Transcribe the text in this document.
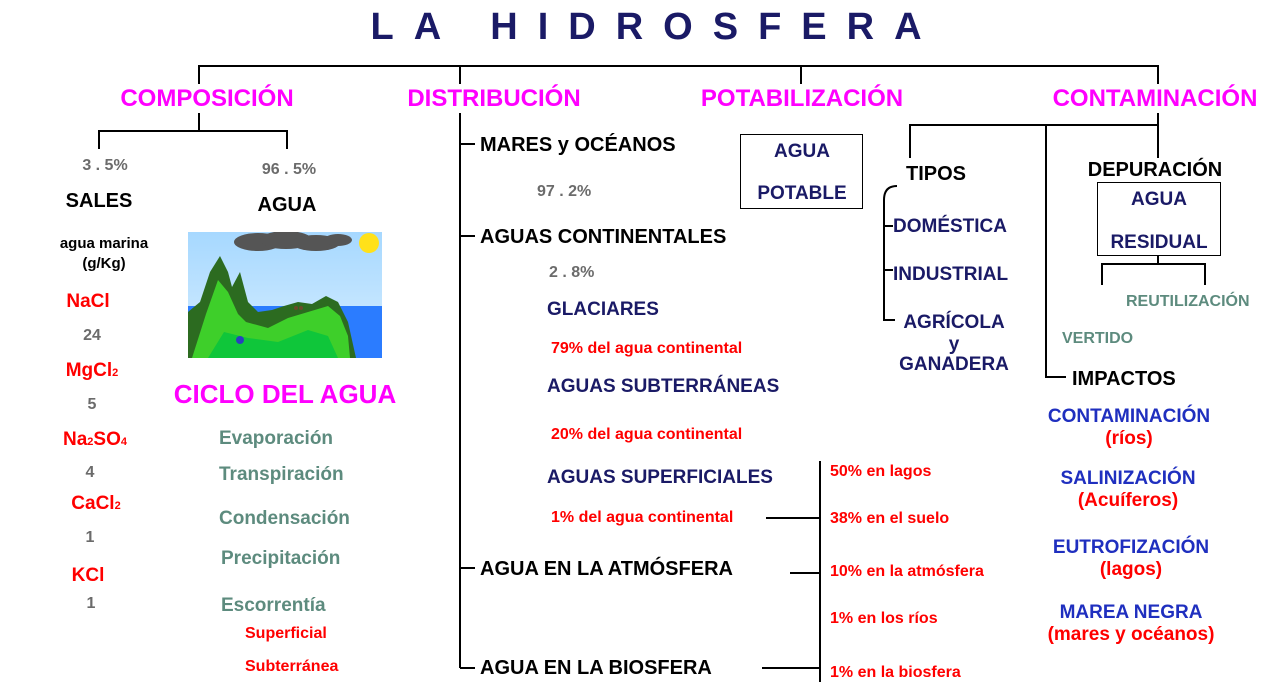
LA HIDROSFERA
COMPOSICIÓN
3 . 5%	96 . 5%
SALES	AGUA
agua marina
(g/Kg)
NaCl
24
MgCl2
5
Na2SO4
4
CaCl2
1
KCl
1
CICLO DEL AGUA
Evaporación
Transpiración
Condensación
Precipitación
Escorrentía
Superficial
Subterránea
DISTRIBUCIÓN
MARES y OCÉANOS
97 . 2%
AGUAS CONTINENTALES
2 . 8%
GLACIARES
79% del agua continental
AGUAS SUBTERRÁNEAS
20% del agua continental
AGUAS SUPERFICIALES
1% del agua continental
AGUA EN LA ATMÓSFERA
AGUA EN LA BIOSFERA
50% en lagos
38% en el suelo
10% en la atmósfera
1% en los ríos
1% en la biosfera
POTABILIZACIÓN
AGUA
POTABLE
CONTAMINACIÓN
TIPOS
DOMÉSTICA
INDUSTRIAL
AGRÍCOLA
y
GANADERA
DEPURACIÓN
AGUA
RESIDUAL
REUTILIZACIÓN
VERTIDO
IMPACTOS
CONTAMINACIÓN
(ríos)
SALINIZACIÓN
(Acuíferos)
EUTROFIZACIÓN
(lagos)
MAREA NEGRA
(mares y océanos)
